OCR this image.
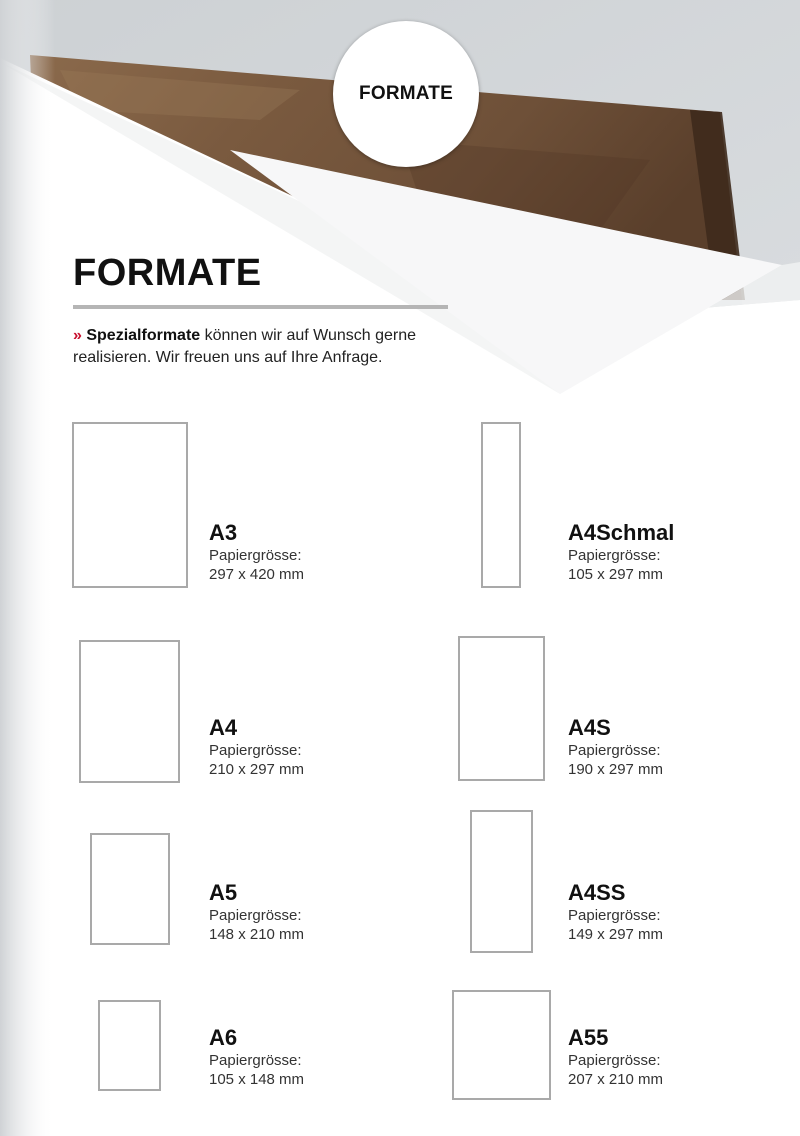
FORMATE
FORMATE

» Spezialformate können wir auf Wunsch gerne realisieren. Wir freuen uns auf Ihre Anfrage.

A3
Papiergrösse:
297 x 420 mm
A4Schmal
Papiergrösse:
105 x 297 mm
A4
Papiergrösse:
210 x 297 mm
A4S
Papiergrösse:
190 x 297 mm
A5
Papiergrösse:
148 x 210 mm
A4SS
Papiergrösse:
149 x 297 mm
A6
Papiergrösse:
105 x 148 mm
A55
Papiergrösse:
207 x 210 mm
